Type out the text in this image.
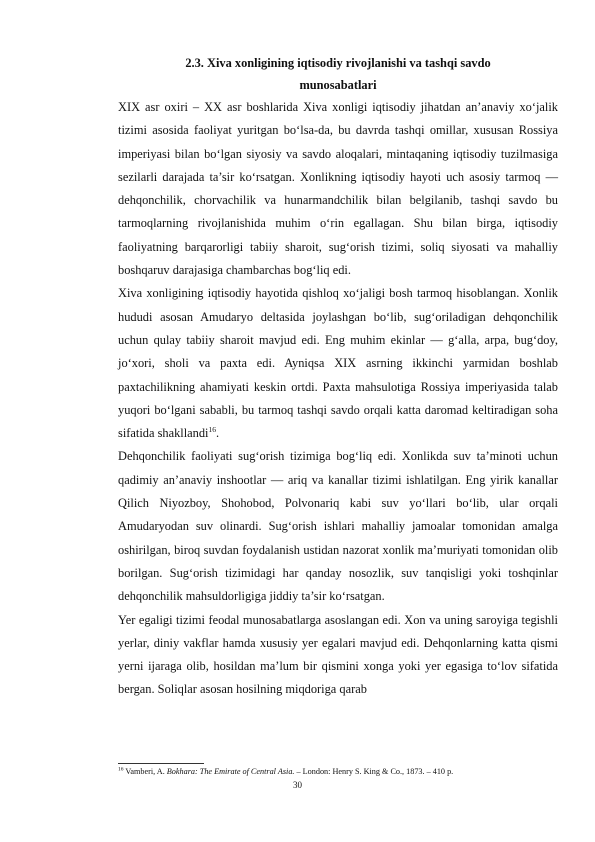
2.3. Xiva xonligining iqtisodiy rivojlanishi va tashqi savdo
munosabatlari

XIX asr oxiri – XX asr boshlarida Xiva xonligi iqtisodiy jihatdan an’anaviy xo‘jalik tizimi asosida faoliyat yuritgan bo‘lsa-da, bu davrda tashqi omillar, xususan Rossiya imperiyasi bilan bo‘lgan siyosiy va savdo aloqalari, mintaqaning iqtisodiy tuzilmasiga sezilarli darajada ta’sir ko‘rsatgan. Xonlikning iqtisodiy hayoti uch asosiy tarmoq — dehqonchilik, chorvachilik va hunarmandchilik bilan belgilanib, tashqi savdo bu tarmoqlarning rivojlanishida muhim o‘rin egallagan. Shu bilan birga, iqtisodiy faoliyatning barqarorligi tabiiy sharoit, sug‘orish tizimi, soliq siyosati va mahalliy boshqaruv darajasiga chambarchas bog‘liq edi.

Xiva xonligining iqtisodiy hayotida qishloq xo‘jaligi bosh tarmoq hisoblangan. Xonlik hududi asosan Amudaryo deltasida joylashgan bo‘lib, sug‘oriladigan dehqonchilik uchun qulay tabiiy sharoit mavjud edi. Eng muhim ekinlar — g‘alla, arpa, bug‘doy, jo‘xori, sholi va paxta edi. Ayniqsa XIX asrning ikkinchi yarmidan boshlab paxtachilikning ahamiyati keskin ortdi. Paxta mahsulotiga Rossiya imperiyasida talab yuqori bo‘lgani sababli, bu tarmoq tashqi savdo orqali katta daromad keltiradigan soha sifatida shakllandi$^{16}$.

Dehqonchilik faoliyati sug‘orish tizimiga bog‘liq edi. Xonlikda suv ta’minoti uchun qadimiy an’anaviy inshootlar — ariq va kanallar tizimi ishlatilgan. Eng yirik kanallar Qilich Niyozboy, Shohobod, Polvonariq kabi suv yo‘llari bo‘lib, ular orqali Amudaryodan suv olinardi. Sug‘orish ishlari mahalliy jamoalar tomonidan amalga oshirilgan, biroq suvdan foydalanish ustidan nazorat xonlik ma’muriyati tomonidan olib borilgan. Sug‘orish tizimidagi har qanday nosozlik, suv tanqisligi yoki toshqinlar dehqonchilik mahsuldorligiga jiddiy ta’sir ko‘rsatgan.

Yer egaligi tizimi feodal munosabatlarga asoslangan edi. Xon va uning saroyiga tegishli yerlar, diniy vakflar hamda xususiy yer egalari mavjud edi. Dehqonlarning katta qismi yerni ijaraga olib, hosildan ma’lum bir qismini xonga yoki yer egasiga to‘lov sifatida bergan. Soliqlar asosan hosilning miqdoriga qarab

$^{16}$ Vamberi, A. Bokhara: The Emirate of Central Asia. – London: Henry S. King & Co., 1873. – 410 p.
30
